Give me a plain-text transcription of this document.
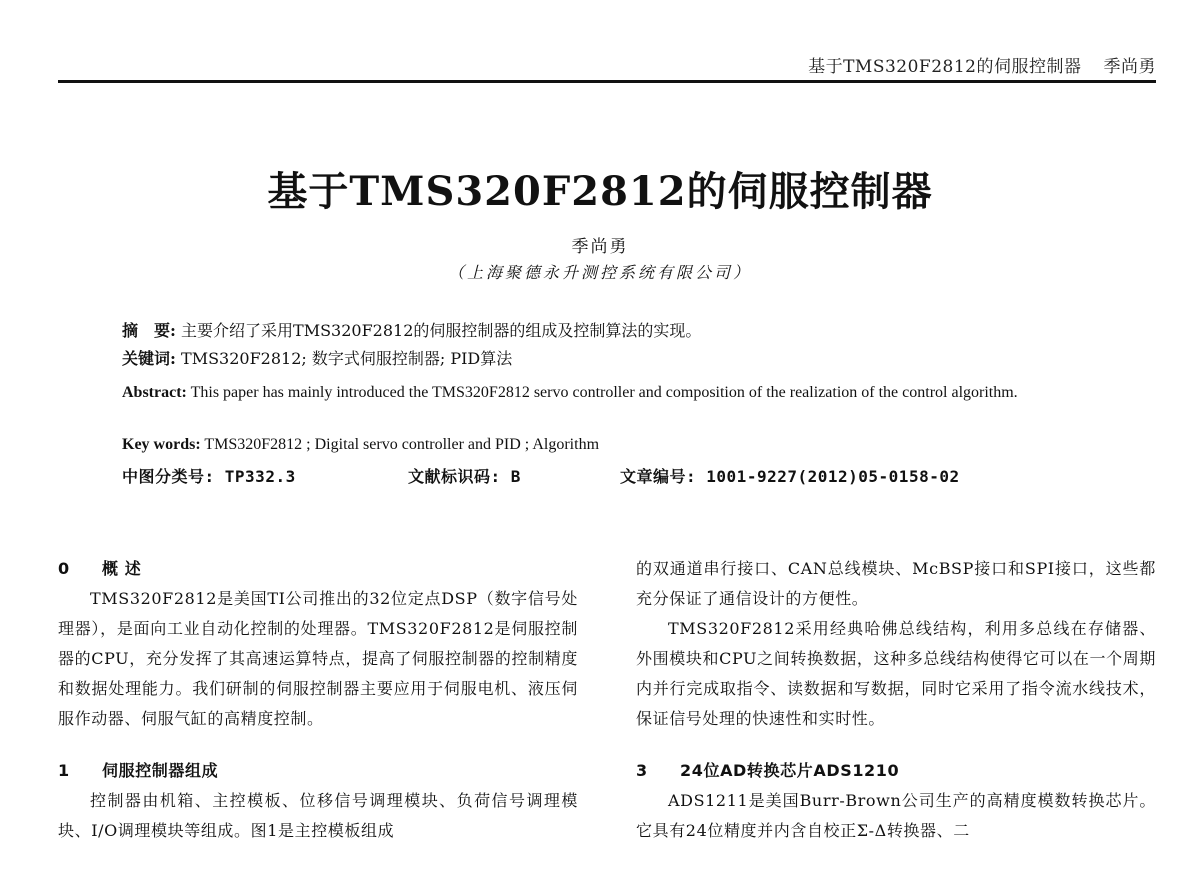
基于TMS320F2812的伺服控制器 季尚勇
基于TMS320F2812的伺服控制器
季尚勇
（上海聚德永升测控系统有限公司）
摘　要: 主要介绍了采用TMS320F2812的伺服控制器的组成及控制算法的实现。
关键词: TMS320F2812; 数字式伺服控制器; PID算法
Abstract: This paper has mainly introduced the TMS320F2812 servo controller and composition of the realization of the control algorithm.
Key words: TMS320F2812 ; Digital servo controller and PID ; Algorithm
中图分类号: TP332.3	文献标识码: B	文章编号: 1001-9227(2012)05-0158-02
0 概 述

TMS320F2812是美国TI公司推出的32位定点DSP（数字信号处理器），是面向工业自动化控制的处理器。TMS320F2812是伺服控制器的CPU，充分发挥了其高速运算特点，提高了伺服控制器的控制精度和数据处理能力。我们研制的伺服控制器主要应用于伺服电机、液压伺服作动器、伺服气缸的高精度控制。

1 伺服控制器组成

控制器由机箱、主控模板、位移信号调理模块、负荷信号调理模块、I/O调理模块等组成。图1是主控模板组成

的双通道串行接口、CAN总线模块、McBSP接口和SPI接口，这些都充分保证了通信设计的方便性。

TMS320F2812采用经典哈佛总线结构，利用多总线在存储器、外围模块和CPU之间转换数据，这种多总线结构使得它可以在一个周期内并行完成取指令、读数据和写数据，同时它采用了指令流水线技术，保证信号处理的快速性和实时性。

3 24位AD转换芯片ADS1210

ADS1211是美国Burr-Brown公司生产的高精度模数转换芯片。它具有24位精度并内含自校正Σ-Δ转换器、二
